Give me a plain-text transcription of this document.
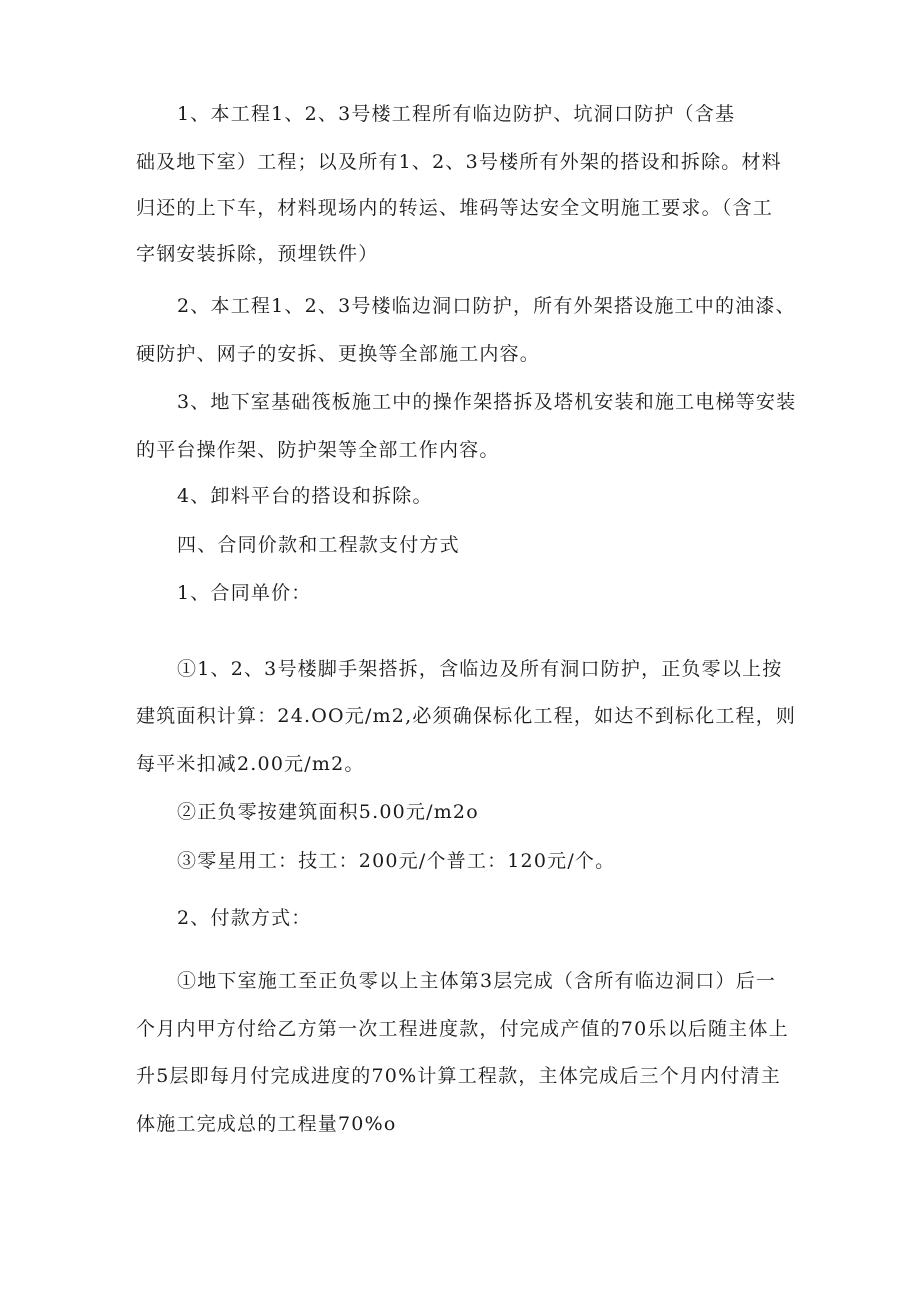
1、本工程1、2、3号楼工程所有临边防护、坑洞口防护（含基
础及地下室）工程；以及所有1、2、3号楼所有外架的搭设和拆除。材料
归还的上下车，材料现场内的转运、堆码等达安全文明施工要求。（含工
字钢安装拆除，预埋铁件）
2、本工程1、2、3号楼临边洞口防护，所有外架搭设施工中的油漆、
硬防护、网子的安拆、更换等全部施工内容。
3、地下室基础筏板施工中的操作架搭拆及塔机安装和施工电梯等安装
的平台操作架、防护架等全部工作内容。
4、卸料平台的搭设和拆除。
四、合同价款和工程款支付方式
1、合同单价：
①1、2、3号楼脚手架搭拆，含临边及所有洞口防护，正负零以上按
建筑面积计算：24.OO元/m2,必须确保标化工程，如达不到标化工程，则
每平米扣减2.00元/m2。
②正负零按建筑面积5.00元/m2o
③零星用工：技工：200元/个普工：120元/个。
2、付款方式：
①地下室施工至正负零以上主体第3层完成（含所有临边洞口）后一
个月内甲方付给乙方第一次工程进度款，付完成产值的70乐以后随主体上
升5层即每月付完成进度的70%计算工程款，主体完成后三个月内付清主
体施工完成总的工程量70%o
